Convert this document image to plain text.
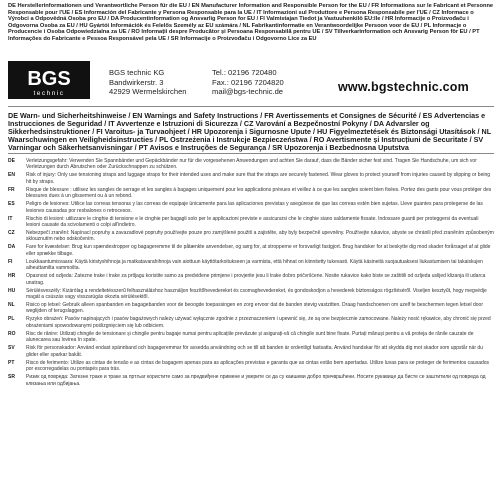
DE Herstellerinformationen und Verantwortliche Person für die EU / EN Manufacturer Information and Responsible Person for the EU / FR Informations sur le Fabricant et Personne Responsable pour l'UE / ES Información del Fabricante y Persona Responsable para la UE / IT Informazioni sul Produttore e Persona Responsabile per l'UE / CZ Informace o Výrobci a Odpovědná Osoba pro EU / DA Producentinformation og Ansvarlig Person for EU / FI Valmistajan Tiedot ja Vastuuhenkilö EU:lle / HR Informacije o Proizvođaču i Odgovorna Osoba za EU / HU Gyártói Információk és Felelős Személy az EU számára / NL Fabrikantinformatie en Verantwoordelijke Persoon voor de EU / PL Informacje o Producencie i Osoba Odpowiedzialna za UE / RO Informații despre Producător și Persoana Responsabilă pentru UE / SV Tillverkarinformation och Ansvarig Person för EU / PT Informações do Fabricante e Pessoa Responsável pela UE / SR Informacije o Proizvođaču i Odgovorno Lice za EU
BGS
technic
BGS technic KG
Bandwirkerstr. 3
42929 Wermelskirchen
Tel.: 02196 720480
Fax.: 02196 7204820
mail@bgs-technic.de	www.bgstechnic.com
DE Warn- und Sicherheitshinweise / EN Warnings and Safety Instructions / FR Avertissements et Consignes de Sécurité / ES Advertencias e Instrucciones de Seguridad / IT Avvertenze e Istruzioni di Sicurezza / CZ Varování a Bezpečnostní Pokyny / DA Advarsler og Sikkerhedsinstruktioner / FI Varoitus- ja Turvaohjeet / HR Upozorenja i Sigurnosne Upute / HU Figyelmeztetések és Biztonsági Utasítások / NL Waarschuwingen en Veiligheidsinstructies / PL Ostrzeżenia i Instrukcje Bezpieczeństwa / RO Avertismente și Instrucțiuni de Securitate / SV Varningar och Säkerhetsanvisningar / PT Avisos e Instruções de Segurança / SR Upozorenja i Bezbednosna Uputstva
DE	Verletzungsgefahr: Verwenden Sie Spannbänder und Gepäckbänder nur für die vorgesehenen Anwendungen und achten Sie darauf, dass die Bänder sicher fest sind. Tragen Sie Handschuhe, um sich vor Verletzungen durch Abrutschen oder Zurückschnappen zu schützen.
EN	Risk of injury: Only use tensioning straps and luggage straps for their intended uses and make sure that the straps are securely fastened. Wear gloves to protect yourself from injuries caused by slipping or being hit by straps.
FR	Risque de blessure : utilisez les sangles de serrage et les sangles à bagages uniquement pour les applications prévues et veillez à ce que les sangles soient bien fixées. Portez des gants pour vous protéger des blessures dues à un glissement ou à un rebond.
ES	Peligro de lesiones: Utilice las correas tensoras y las correas de equipaje únicamente para las aplicaciones previstas y asegúrese de que las correas estén bien sujetas. Lleve guantes para protegerse de las lesiones causadas por resbalones o retrocesos.
IT	Rischio di lesioni: utilizzare le cinghie di tensione e le cinghie per bagagli solo per le applicazioni previste e assicurarsi che le cinghie siano saldamente fissate. Indossare guanti per proteggersi da eventuali lesioni causate da scivolamenti o colpi all'indietro.
CZ	Nebezpečí zranění: Napínací popruhy a zavazadlové popruhy používejte pouze pro zamýšlené použití a zajistěte, aby byly bezpečně upevněny. Používejte rukavice, abyste se chránili před zraněním způsobeným sklouznutím nebo odskočením.
DA	Fare for kvæstelser: Brug kun spændestropper og bagageremme til de påtænkte anvendelser, og sørg for, at stropperne er forsvarligt fastgjort. Brug handsker for at beskytte dig mod skader forårsaget af at glide eller sprække tilbage.
FI	Loukkaantumisvaara: Käytä kiristyshihnoja ja matkatavarahihnoja vain aiottuun käyttötarkoitukseen ja varmista, että hihnat on kiinnitetty tukevasti. Käytä käsineitä suojautuaksesi liukastumisen tai takaiskujen aiheuttamilta vammoilta.
HR	Opasnost od ozljeda: Zatezne trake i trake za prtljagu koristite samo za predviđene primjene i provjerite jesu li trake dobro pričvršćene. Nosite rukavice kako biste se zaštitili od ozljeda uslijed klizanja ili udarca unatrag.
HU	Sérülésveszély: Kizárólag a rendeltetésszerű felhasználáshoz használjon feszítőhevedereket és csomaghevedereket, és gondoskodjon a hevederek biztonságos rögzítéséről. Viseljen kesztyűt, hogy megvédje magát a csúszás vagy visszarúgás okozta sérülésektől.
NL	Risico op letsel: Gebruik alleen spanbanden en bagagebanden voor de beoogde toepassingen en zorg ervoor dat de banden stevig vastzitten. Draag handschoenen om uzelf te beschermen tegen letsel door weglijden of terugslaggen.
PL	Ryzyko obrażeń: Pasów napinających i pasów bagażowych należy używać wyłącznie zgodnie z przeznaczeniem i upewnić się, że są one bezpiecznie zamocowane. Należy nosić rękawice, aby chronić się przed obrażeniami spowodowanymi poślizgnięciem się lub odbiciem.
RO	Risc de rănire: Utilizați chingile de tensionare și chingile pentru bagaje numai pentru aplicațiile prevăzute și asigurați-vă că chingile sunt bine fixate. Purtați mănuși pentru a vă proteja de rănile cauzate de alunecarea sau lovirea în spate.
SV	Risk för personskador: Använd endast spännband och bagageremmar för avsedda användning och se till att banden är ordentligt fastsatta. Använd handskar för att skydda dig mot skador som uppstår när du glider eller sparkar bakåt.
PT	Risco de ferimento: Utilize as cintas de tensão e as cintas de bagagem apenas para as aplicações previstas e garanta que as cintas estão bem apertadas. Utilize luvas para se proteger de ferimentos causados por escorregadelas ou pontapés para trás.
SR	Ризик од повреда: Затезне траке и траке за пртљаг користите само за предвиђене примене и уверите се да су каишеви добро причвршћени. Носите рукавице да бисте се заштитили од повреда од клизања или одбијања.
